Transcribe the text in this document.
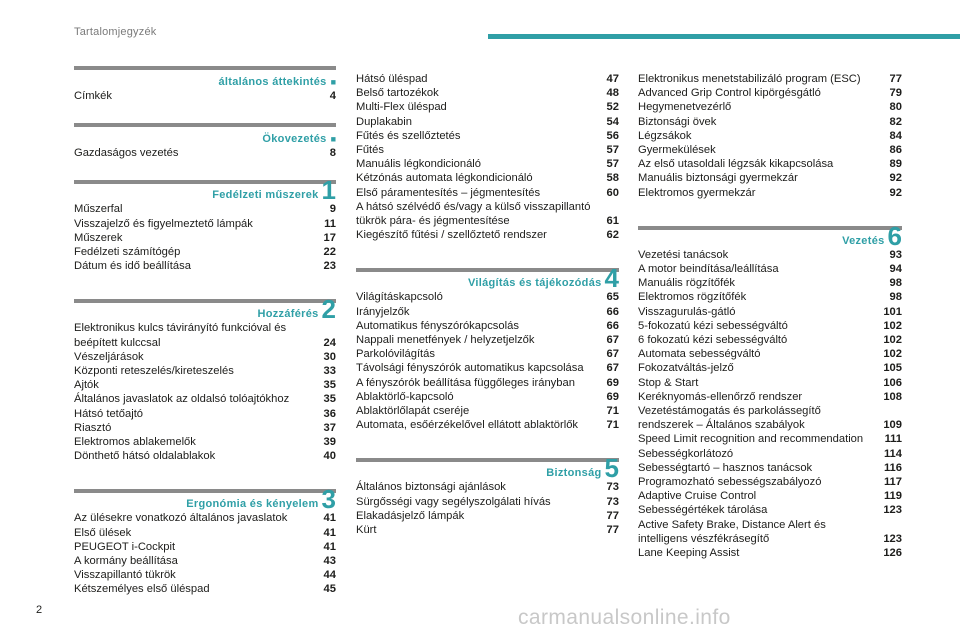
Tartalomjegyzék
általános áttekintés ■
Címkék	4
Ökovezetés ■
Gazdaságos vezetés	8
Fedélzeti műszerek 1
Műszerfal	9
Visszajelző és figyelmeztető lámpák	11
Műszerek	17
Fedélzeti számítógép	22
Dátum és idő beállítása	23
Hozzáférés 2
Elektronikus kulcs távirányító funkcióval és beépített kulccsal	24
Vészeljárások	30
Központi reteszelés/kireteszelés	33
Ajtók	35
Általános javaslatok az oldalsó tolóajtókhoz	35
Hátsó tetőajtó	36
Riasztó	37
Elektromos ablakemelők	39
Dönthető hátsó oldalablakok	40
Ergonómia és kényelem 3
Az ülésekre vonatkozó általános javaslatok	41
Első ülések	41
PEUGEOT i-Cockpit	41
A kormány beállítása	43
Visszapillantó tükrök	44
Kétszemélyes első üléspad	45
Hátsó üléspad	47
Belső tartozékok	48
Multi-Flex üléspad	52
Duplakabin	54
Fűtés és szellőztetés	56
Fűtés	57
Manuális légkondicionáló	57
Kétzónás automata légkondicionáló	58
Első páramentesítés – jégmentesítés	60
A hátsó szélvédő és/vagy a külső visszapillantó tükrök pára- és jégmentesítése	61
Kiegészítő fűtési / szellőztető rendszer	62
Világítás és tájékozódás 4
Világításkapcsoló	65
Irányjelzők	66
Automatikus fényszórókapcsolás	66
Nappali menetfények / helyzetjelzők	67
Parkolóvilágítás	67
Távolsági fényszórók automatikus kapcsolása	67
A fényszórók beállítása függőleges irányban	69
Ablaktörlő-kapcsoló	69
Ablaktörlőlapát cseréje	71
Automata, esőérzékelővel ellátott ablaktörlők	71
Biztonság 5
Általános biztonsági ajánlások	73
Sürgősségi vagy segélyszolgálati hívás	73
Elakadásjelző lámpák	77
Kürt	77
Elektronikus menetstabilizáló program (ESC)	77
Advanced Grip Control kipörgésgátló	79
Hegymenetvezérlő	80
Biztonsági övek	82
Légzsákok	84
Gyermekülések	86
Az első utasoldali légzsák kikapcsolása	89
Manuális biztonsági gyermekzár	92
Elektromos gyermekzár	92
Vezetés 6
Vezetési tanácsok	93
A motor beindítása/leállítása	94
Manuális rögzítőfék	98
Elektromos rögzítőfék	98
Visszagurulás-gátló	101
5-fokozatú kézi sebességváltó	102
6 fokozatú kézi sebességváltó	102
Automata sebességváltó	102
Fokozatváltás-jelző	105
Stop & Start	106
Keréknyomás-ellenőrző rendszer	108
Vezetéstámogatás és parkolássegítő rendszerek – Általános szabályok	109
Speed Limit recognition and recommendation	111
Sebességkorlátozó	114
Sebességtartó – hasznos tanácsok	116
Programozható sebességszabályozó	117
Adaptive Cruise Control	119
Sebességértékek tárolása	123
Active Safety Brake, Distance Alert és intelligens vészfékrásegítő	123
Lane Keeping Assist	126
2	carmanualsonline.info
